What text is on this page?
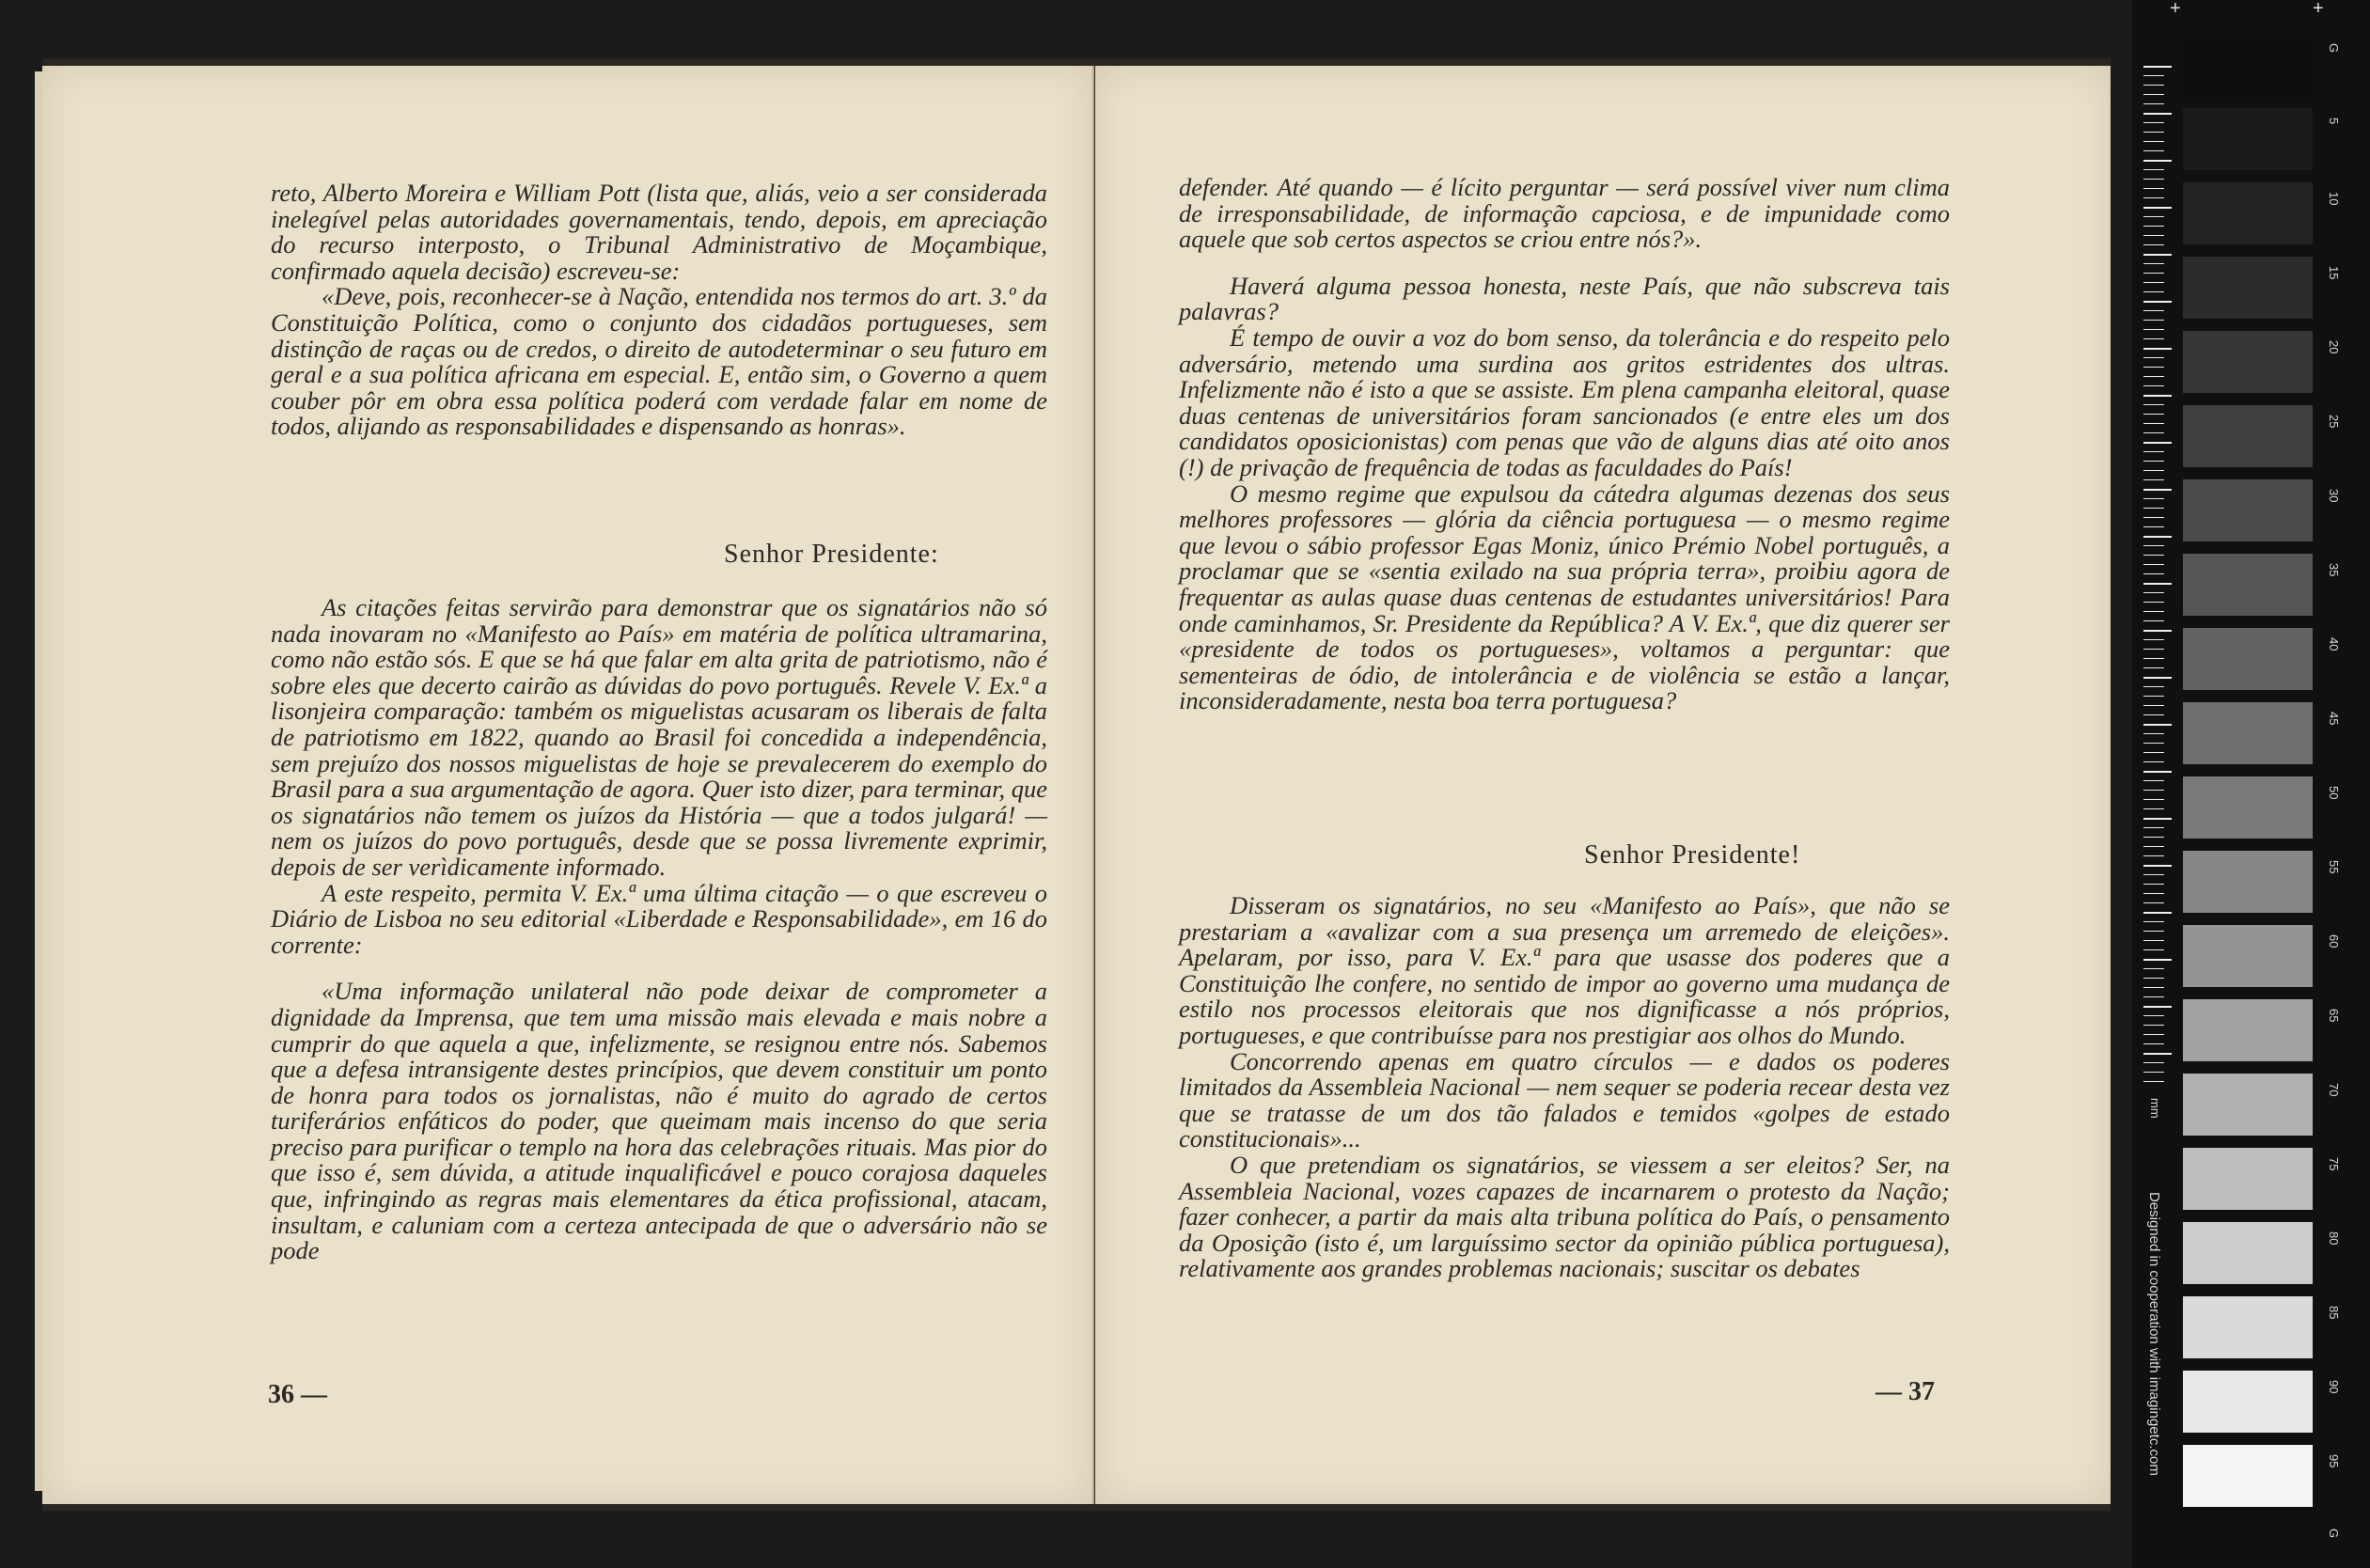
reto, Alberto Moreira e William Pott (lista que, aliás, veio a ser considerada inelegível pelas autoridades governamentais, tendo, depois, em apreciação do recurso interposto, o Tribunal Administrativo de Moçambique, confirmado aquela decisão) escreveu-se:

«Deve, pois, reconhecer-se à Nação, entendida nos termos do art. 3.º da Constituição Política, como o conjunto dos cidadãos portugueses, sem distinção de raças ou de credos, o direito de autodeterminar o seu futuro em geral e a sua política africana em especial. E, então sim, o Governo a quem couber pôr em obra essa política poderá com verdade falar em nome de todos, alijando as responsabilidades e dispensando as honras».

Senhor Presidente:

As citações feitas servirão para demonstrar que os signatários não só nada inovaram no «Manifesto ao País» em matéria de política ultramarina, como não estão sós. E que se há que falar em alta grita de patriotismo, não é sobre eles que decerto cairão as dúvidas do povo português. Revele V. Ex.ª a lisonjeira comparação: também os miguelistas acusaram os liberais de falta de patriotismo em 1822, quando ao Brasil foi concedida a independência, sem prejuízo dos nossos miguelistas de hoje se prevalecerem do exemplo do Brasil para a sua argumentação de agora. Quer isto dizer, para terminar, que os signatários não temem os juízos da História — que a todos julgará! — nem os juízos do povo português, desde que se possa livremente exprimir, depois de ser verìdicamente informado.

A este respeito, permita V. Ex.ª uma última citação — o que escreveu o Diário de Lisboa no seu editorial «Liberdade e Responsabilidade», em 16 do corrente:

«Uma informação unilateral não pode deixar de comprometer a dignidade da Imprensa, que tem uma missão mais elevada e mais nobre a cumprir do que aquela a que, infelizmente, se resignou entre nós. Sabemos que a defesa intransigente destes princípios, que devem constituir um ponto de honra para todos os jornalistas, não é muito do agrado de certos turiferários enfáticos do poder, que queimam mais incenso do que seria preciso para purificar o templo na hora das celebrações rituais. Mas pior do que isso é, sem dúvida, a atitude inqualificável e pouco corajosa daqueles que, infringindo as regras mais elementares da ética profissional, atacam, insultam, e caluniam com a certeza antecipada de que o adversário não se pode

36 —

defender. Até quando — é lícito perguntar — será possível viver num clima de irresponsabilidade, de informação capciosa, e de impunidade como aquele que sob certos aspectos se criou entre nós?».

Haverá alguma pessoa honesta, neste País, que não subscreva tais palavras?

É tempo de ouvir a voz do bom senso, da tolerância e do respeito pelo adversário, metendo uma surdina aos gritos estridentes dos ultras. Infelizmente não é isto a que se assiste. Em plena campanha eleitoral, quase duas centenas de universitários foram sancionados (e entre eles um dos candidatos oposicionistas) com penas que vão de alguns dias até oito anos (!) de privação de frequência de todas as faculdades do País!

O mesmo regime que expulsou da cátedra algumas dezenas dos seus melhores professores — glória da ciência portuguesa — o mesmo regime que levou o sábio professor Egas Moniz, único Prémio Nobel português, a proclamar que se «sentia exilado na sua própria terra», proibiu agora de frequentar as aulas quase duas centenas de estudantes universitários! Para onde caminhamos, Sr. Presidente da República? A V. Ex.ª, que diz querer ser «presidente de todos os portugueses», voltamos a perguntar: que sementeiras de ódio, de intolerância e de violência se estão a lançar, inconsideradamente, nesta boa terra portuguesa?

Senhor Presidente!

Disseram os signatários, no seu «Manifesto ao País», que não se prestariam a «avalizar com a sua presença um arremedo de eleições». Apelaram, por isso, para V. Ex.ª para que usasse dos poderes que a Constituição lhe confere, no sentido de impor ao governo uma mudança de estilo nos processos eleitorais que nos dignificasse a nós próprios, portugueses, e que contribuísse para nos prestigiar aos olhos do Mundo.

Concorrendo apenas em quatro círculos — e dados os poderes limitados da Assembleia Nacional — nem sequer se poderia recear desta vez que se tratasse de um dos tão falados e temidos «golpes de estado constitucionais»...

O que pretendiam os signatários, se viessem a ser eleitos? Ser, na Assembleia Nacional, vozes capazes de incarnarem o protesto da Nação; fazer conhecer, a partir da mais alta tribuna política do País, o pensamento da Oposição (isto é, um larguíssimo sector da opinião pública portuguesa), relativamente aos grandes problemas nacionais; suscitar os debates

— 37
+	+
mm
Designed in cooperation with imagingetc.com
G
5
10
15
20
25
30
35
40
45
50
55
60
65
70
75
80
85
90
95
G
